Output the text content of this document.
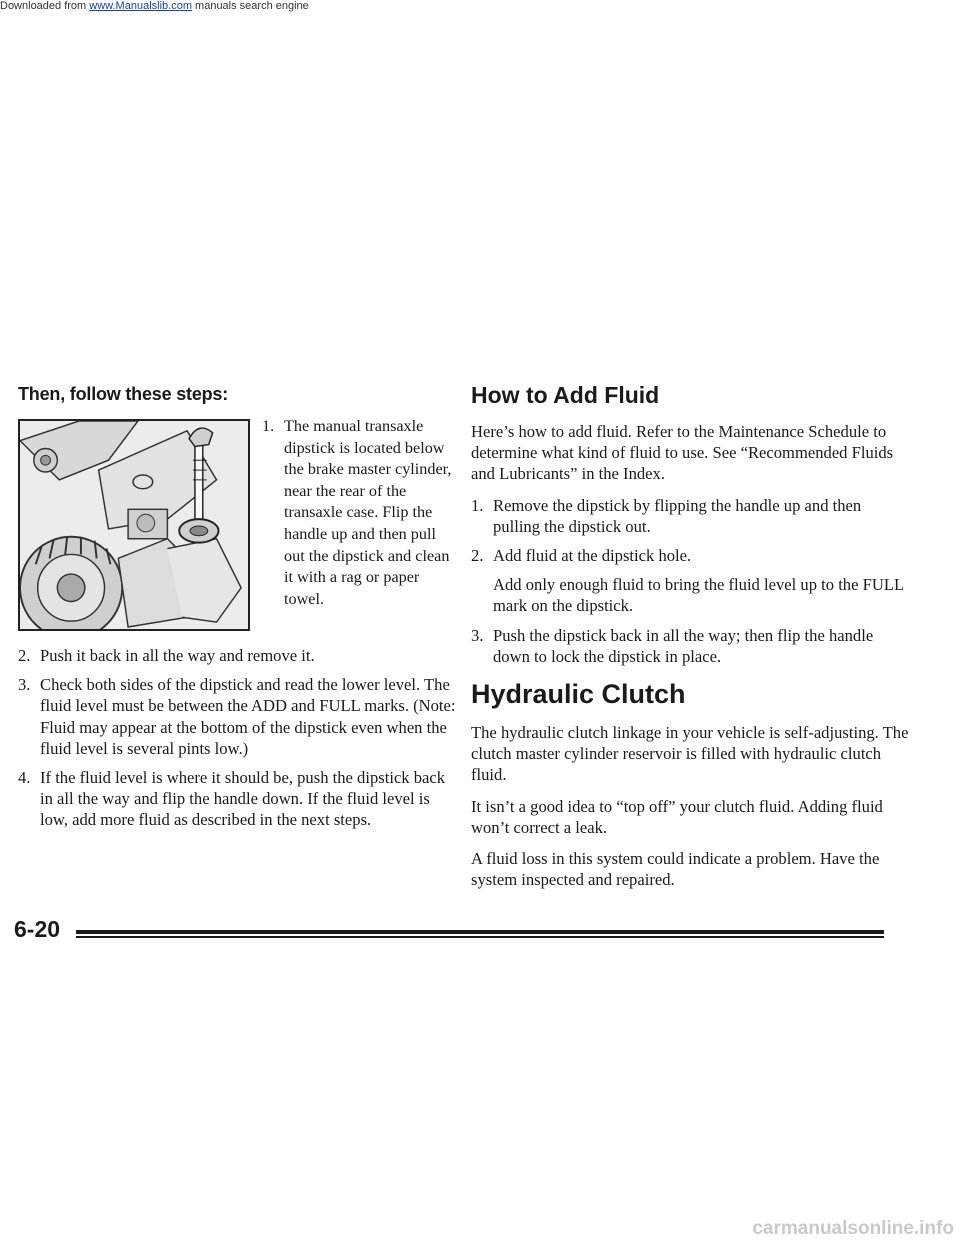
Then, follow these steps:
1. The manual transaxle dipstick is located below the brake master cylinder, near the rear of the transaxle case. Flip the handle up and then pull out the dipstick and clean it with a rag or paper towel.
2. Push it back in all the way and remove it.
3. Check both sides of the dipstick and read the lower level. The fluid level must be between the ADD and FULL marks. (Note: Fluid may appear at the bottom of the dipstick even when the fluid level is several pints low.)
4. If the fluid level is where it should be, push the dipstick back in all the way and flip the handle down. If the fluid level is low, add more fluid as described in the next steps.
How to Add Fluid

Here’s how to add fluid. Refer to the Maintenance Schedule to determine what kind of fluid to use. See “Recommended Fluids and Lubricants” in the Index.

1. Remove the dipstick by flipping the handle up and then pulling the dipstick out.
2. Add fluid at the dipstick hole.
Add only enough fluid to bring the fluid level up to the FULL mark on the dipstick.
3. Push the dipstick back in all the way; then flip the handle down to lock the dipstick in place.
Hydraulic Clutch

The hydraulic clutch linkage in your vehicle is self-adjusting. The clutch master cylinder reservoir is filled with hydraulic clutch fluid.

It isn’t a good idea to “top off” your clutch fluid. Adding fluid won’t correct a leak.

A fluid loss in this system could indicate a problem. Have the system inspected and repaired.

6-20
Downloaded from www.Manualslib.com manuals search engine
carmanualsonline.info
